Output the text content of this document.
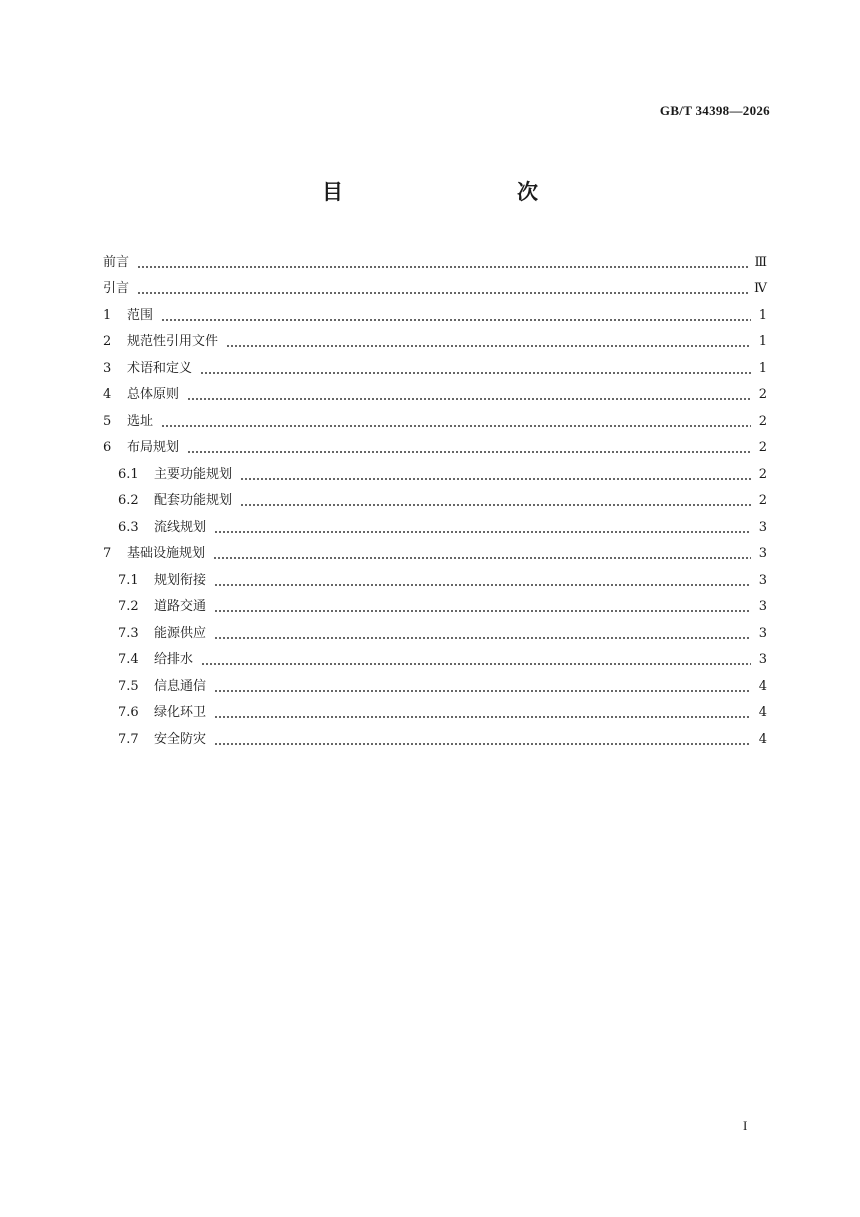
GB/T 34398—2026
目　　次
前言	Ⅲ
引言	Ⅳ
1	范围	1
2	规范性引用文件	1
3	术语和定义	1
4	总体原则	2
5	选址	2
6	布局规划	2
6.1	主要功能规划	2
6.2	配套功能规划	2
6.3	流线规划	3
7	基础设施规划	3
7.1	规划衔接	3
7.2	道路交通	3
7.3	能源供应	3
7.4	给排水	3
7.5	信息通信	4
7.6	绿化环卫	4
7.7	安全防灾	4
I
